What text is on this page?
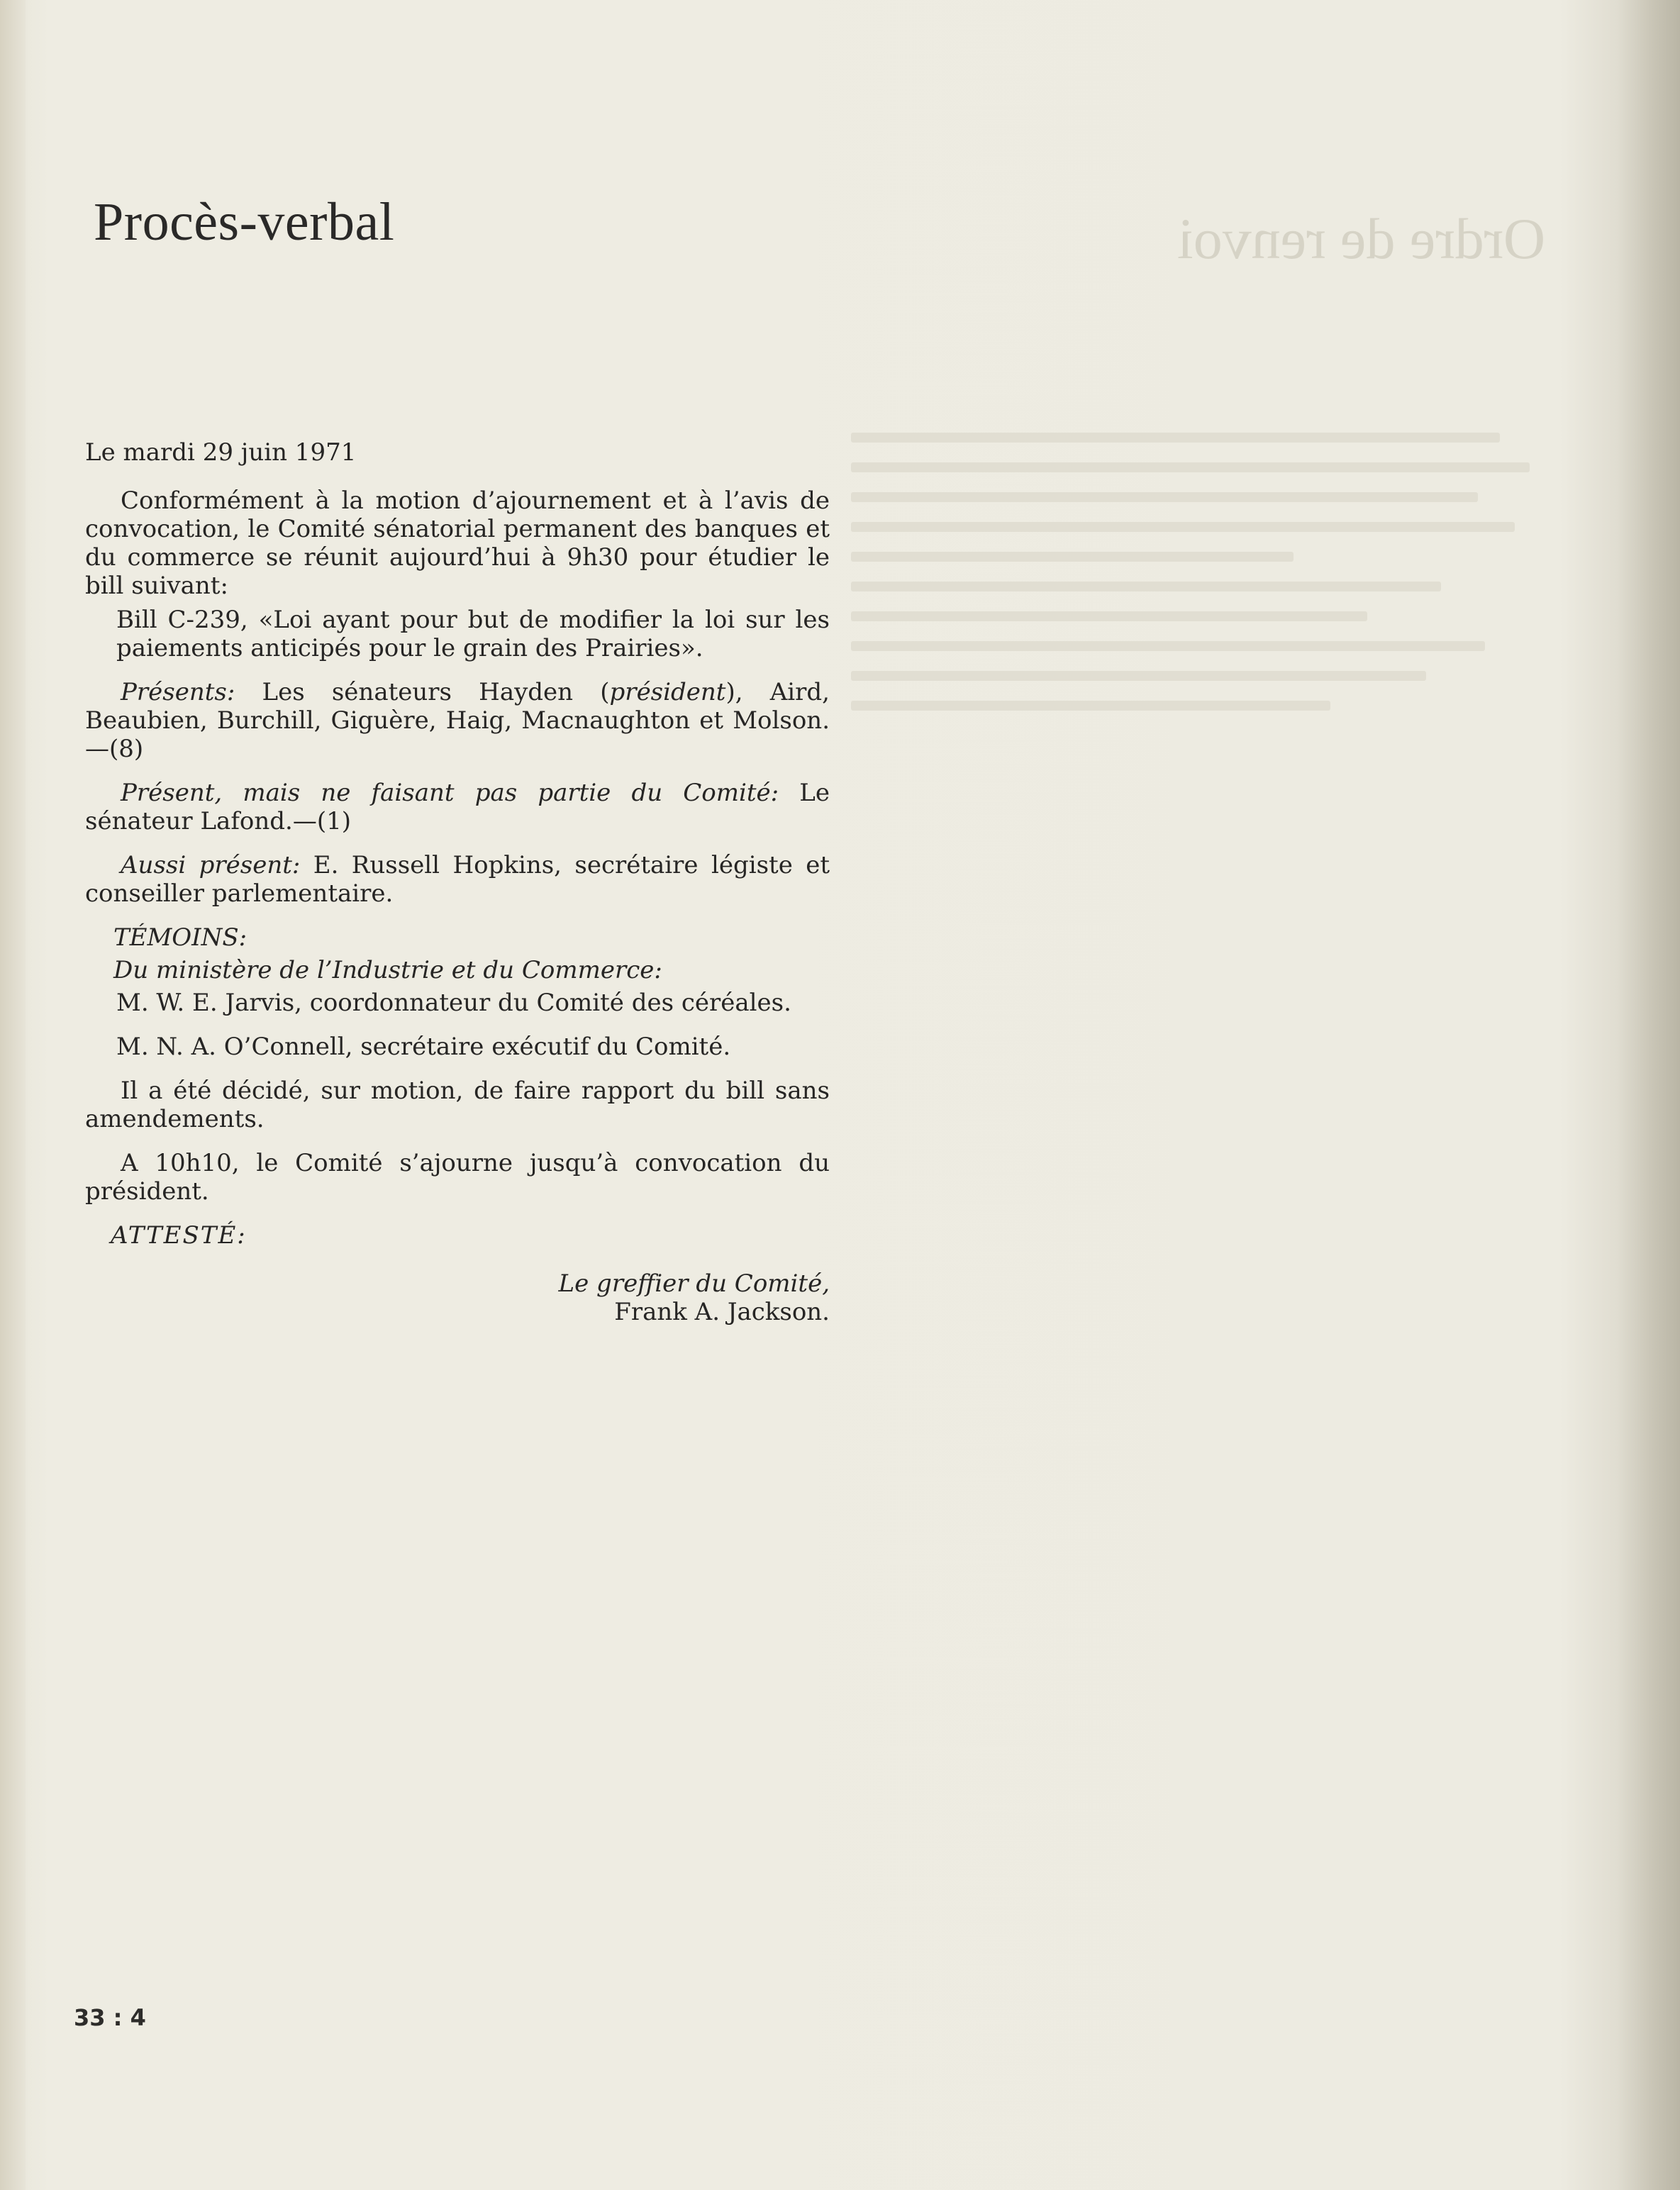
Ordre de renvoi
Procès-verbal

Le mardi 29 juin 1971

Conformément à la motion d’ajournement et à l’avis de convocation, le Comité sénatorial permanent des banques et du commerce se réunit aujourd’hui à 9h30 pour étudier le bill suivant:

Bill C-239, «Loi ayant pour but de modifier la loi sur les paiements anticipés pour le grain des Prairies».

Présents: Les sénateurs Hayden (président), Aird, Beaubien, Burchill, Giguère, Haig, Macnaughton et Molson.—(8)

Présent, mais ne faisant pas partie du Comité: Le sénateur Lafond.—(1)

Aussi présent: E. Russell Hopkins, secrétaire légiste et conseiller parlementaire.

TÉMOINS:

Du ministère de l’Industrie et du Commerce:

M. W. E. Jarvis, coordonnateur du Comité des céréales.

M. N. A. O’Connell, secrétaire exécutif du Comité.

Il a été décidé, sur motion, de faire rapport du bill sans amendements.

A 10h10, le Comité s’ajourne jusqu’à convocation du président.

ATTESTÉ:

Le greffier du Comité,

Frank A. Jackson.

33 : 4
